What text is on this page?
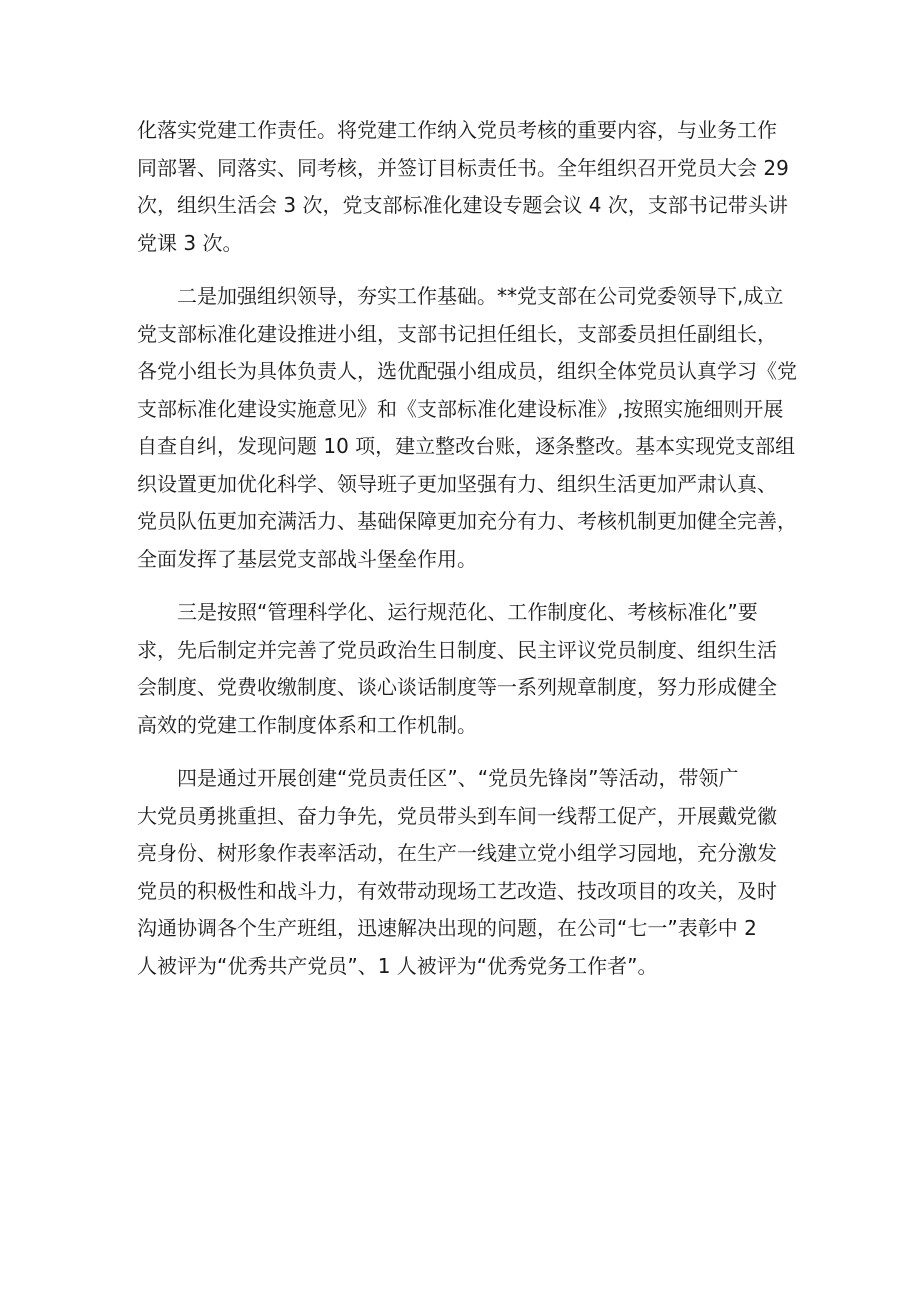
化落实党建工作责任。将党建工作纳入党员考核的重要内容，与业务工作
同部署、同落实、同考核，并签订目标责任书。全年组织召开党员大会 29
次，组织生活会 3 次，党支部标准化建设专题会议 4 次，支部书记带头讲
党课 3 次。
二是加强组织领导，夯实工作基础。**党支部在公司党委领导下,成立
党支部标准化建设推进小组，支部书记担任组长，支部委员担任副组长，
各党小组长为具体负责人，选优配强小组成员，组织全体党员认真学习《党
支部标准化建设实施意见》和《支部标准化建设标准》,按照实施细则开展
自查自纠，发现问题 10 项，建立整改台账，逐条整改。基本实现党支部组
织设置更加优化科学、领导班子更加坚强有力、组织生活更加严肃认真、
党员队伍更加充满活力、基础保障更加充分有力、考核机制更加健全完善，
全面发挥了基层党支部战斗堡垒作用。
三是按照“管理科学化、运行规范化、工作制度化、考核标准化”要
求，先后制定并完善了党员政治生日制度、民主评议党员制度、组织生活
会制度、党费收缴制度、谈心谈话制度等一系列规章制度，努力形成健全
高效的党建工作制度体系和工作机制。
四是通过开展创建“党员责任区”、“党员先锋岗”等活动，带领广
大党员勇挑重担、奋力争先，党员带头到车间一线帮工促产，开展戴党徽
亮身份、树形象作表率活动，在生产一线建立党小组学习园地，充分激发
党员的积极性和战斗力，有效带动现场工艺改造、技改项目的攻关，及时
沟通协调各个生产班组，迅速解决出现的问题，在公司“七一”表彰中 2
人被评为“优秀共产党员”、1 人被评为“优秀党务工作者”。
